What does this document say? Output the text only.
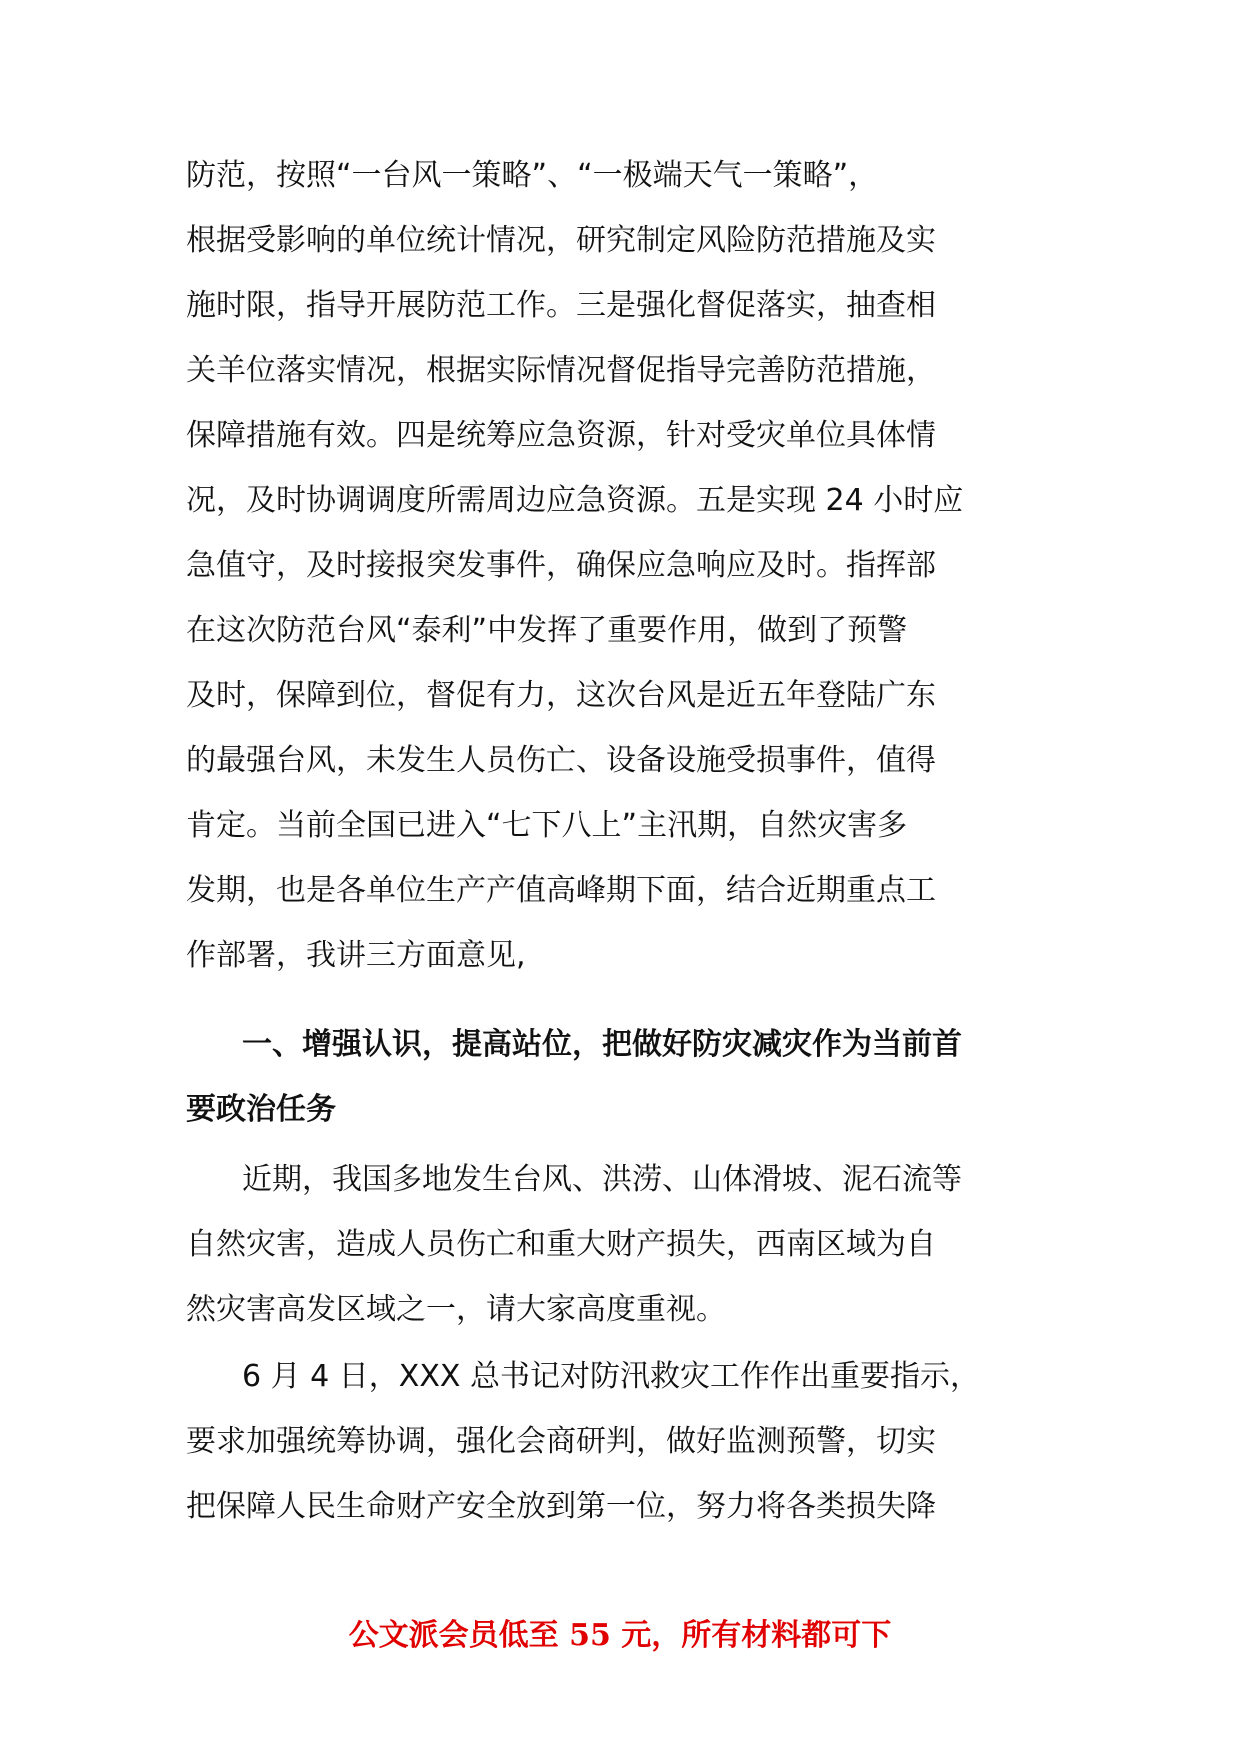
防范，按照“一台风一策略”、“一极端天气一策略”，
根据受影响的单位统计情况，研究制定风险防范措施及实
施时限，指导开展防范工作。三是强化督促落实，抽查相
关羊位落实情况，根据实际情况督促指导完善防范措施，
保障措施有效。四是统筹应急资源，针对受灾单位具体情
况，及时协调调度所需周边应急资源。五是实现 24 小时应
急值守，及时接报突发事件，确保应急响应及时。指挥部
在这次防范台风“泰利”中发挥了重要作用，做到了预警
及时，保障到位，督促有力，这次台风是近五年登陆广东
的最强台风，未发生人员伤亡、设备设施受损事件，值得
肯定。当前全国已进入“七下八上”主汛期，自然灾害多
发期，也是各单位生产产值高峰期下面，结合近期重点工
作部署，我讲三方面意见,
一、增强认识，提高站位，把做好防灾减灾作为当前首
要政治任务
近期，我国多地发生台风、洪涝、山体滑坡、泥石流等
自然灾害，造成人员伤亡和重大财产损失，西南区域为自
然灾害高发区域之一，请大家高度重视。
6 月 4 日，XXX 总书记对防汛救灾工作作出重要指示，
要求加强统筹协调，强化会商研判，做好监测预警，切实
把保障人民生命财产安全放到第一位，努力将各类损失降
公文派会员低至 55 元，所有材料都可下
